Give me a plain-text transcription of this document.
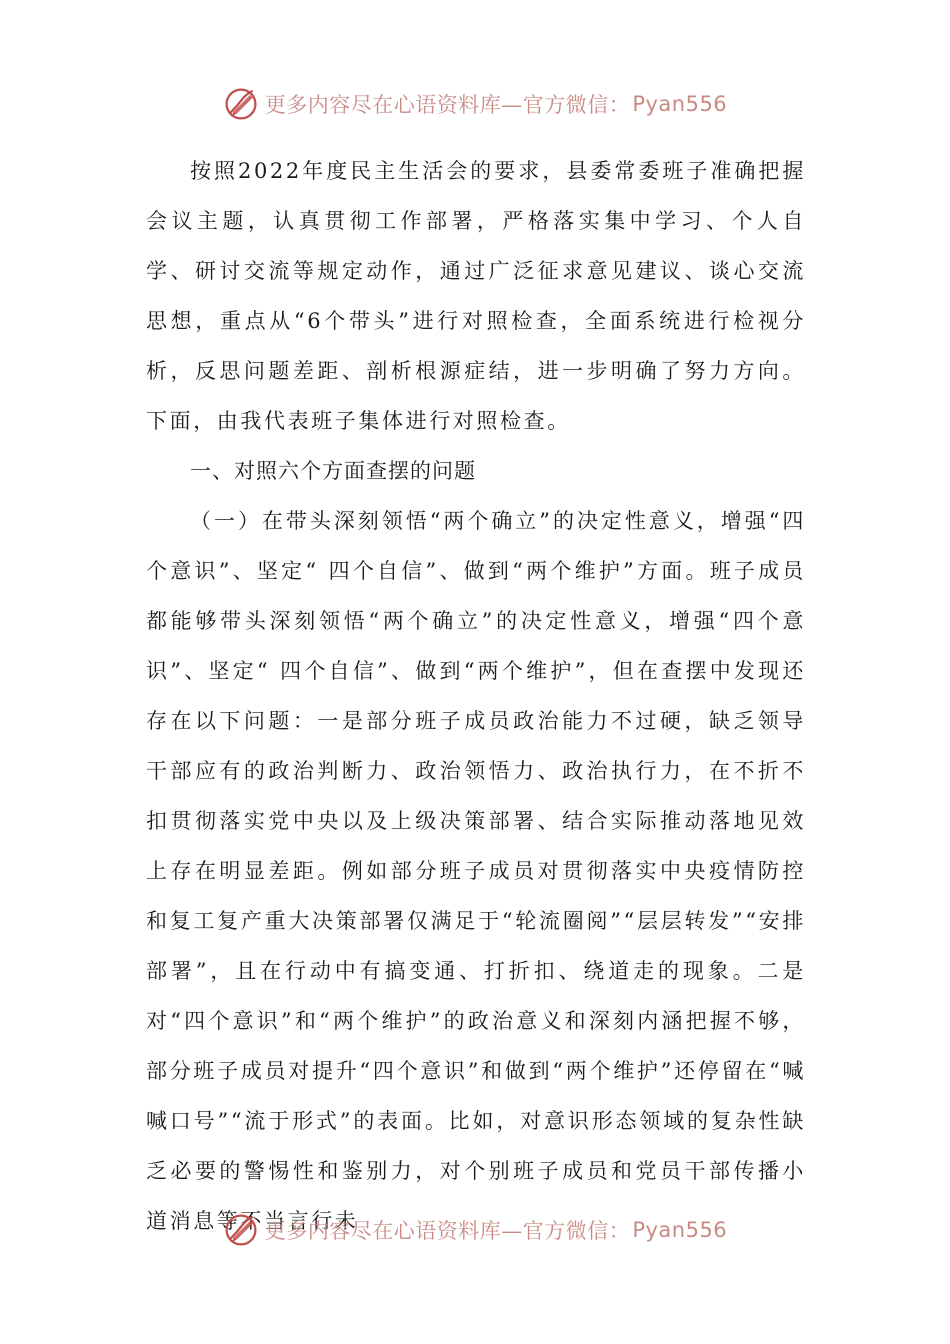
更多内容尽在心语资料库—官方微信： Pyan556

按照2022年度民主生活会的要求，县委常委班子准确把握会议主题，认真贯彻工作部署，严格落实集中学习、个人自学、研讨交流等规定动作，通过广泛征求意见建议、谈心交流思想，重点从“6个带头”进行对照检查，全面系统进行检视分析，反思问题差距、剖析根源症结，进一步明确了努力方向。下面，由我代表班子集体进行对照检查。

一、对照六个方面查摆的问题

（一）在带头深刻领悟“两个确立”的决定性意义，增强“四个意识”、坚定“ 四个自信”、做到“两个维护”方面。班子成员都能够带头深刻领悟“两个确立”的决定性意义，增强“四个意识”、坚定“ 四个自信”、做到“两个维护”，但在查摆中发现还存在以下问题：一是部分班子成员政治能力不过硬，缺乏领导干部应有的政治判断力、政治领悟力、政治执行力，在不折不扣贯彻落实党中央以及上级决策部署、结合实际推动落地见效上存在明显差距。例如部分班子成员对贯彻落实中央疫情防控和复工复产重大决策部署仅满足于“轮流圈阅”“层层转发”“安排部署”，且在行动中有搞变通、打折扣、绕道走的现象。二是对“四个意识”和“两个维护”的政治意义和深刻内涵把握不够，部分班子成员对提升“四个意识”和做到“两个维护”还停留在“喊喊口号”“流于形式”的表面。比如，对意识形态领域的复杂性缺乏必要的警惕性和鉴别力，对个别班子成员和党员干部传播小道消息等不当言行未

更多内容尽在心语资料库—官方微信： Pyan556
